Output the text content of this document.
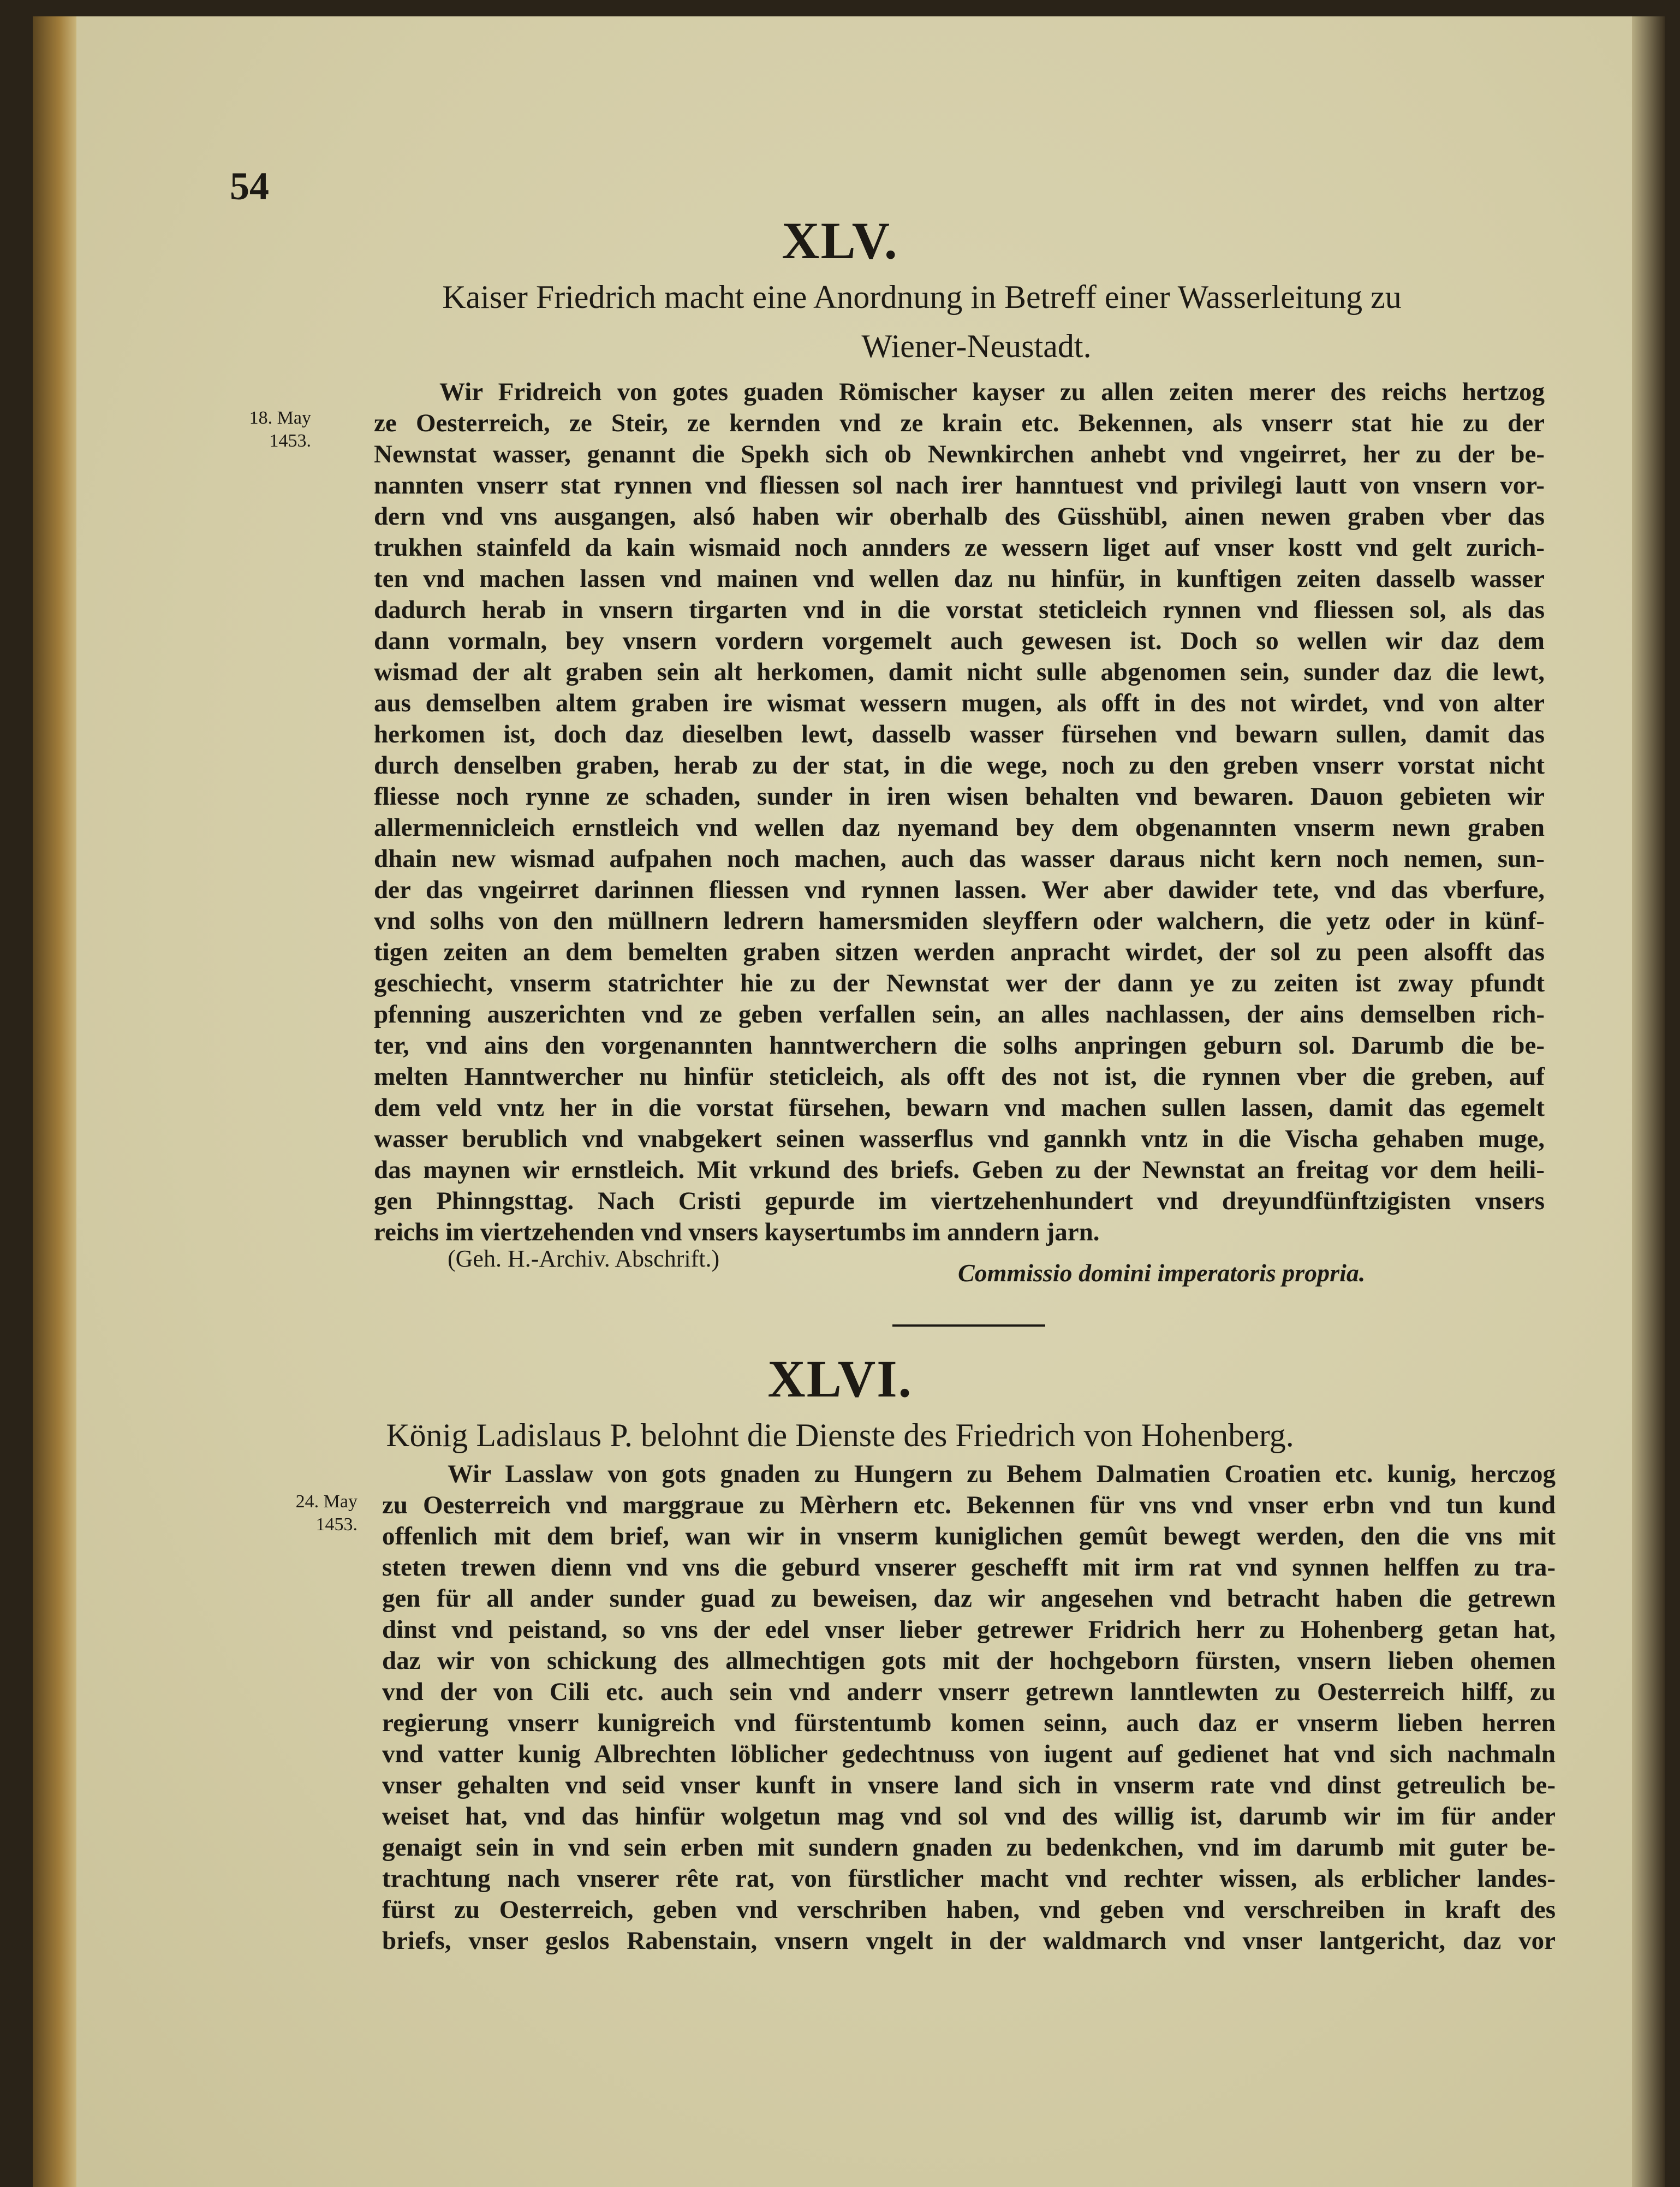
54
XLV.
Kaiser Friedrich macht eine Anordnung in Betreff einer Wasserleitung zu
Wiener-Neustadt.
18. May
1453.
Wir Fridreich von gotes guaden Römischer kayser zu allen zeiten merer des reichs hertzog
ze Oesterreich, ze Steir, ze kernden vnd ze krain etc. Bekennen, als vnserr stat hie zu der
Newnstat wasser, genannt die Spekh sich ob Newnkirchen anhebt vnd vngeirret, her zu der be-
nannten vnserr stat rynnen vnd fliessen sol nach irer hanntuest vnd privilegi lautt von vnsern vor-
dern vnd vns ausgangen, alsó haben wir oberhalb des Güsshübl, ainen newen graben vber das
trukhen stainfeld da kain wismaid noch annders ze wessern liget auf vnser kostt vnd gelt zurich-
ten vnd machen lassen vnd mainen vnd wellen daz nu hinfür, in kunftigen zeiten dasselb wasser
dadurch herab in vnsern tirgarten vnd in die vorstat steticleich rynnen vnd fliessen sol, als das
dann vormaln, bey vnsern vordern vorgemelt auch gewesen ist. Doch so wellen wir daz dem
wismad der alt graben sein alt herkomen, damit nicht sulle abgenomen sein, sunder daz die lewt,
aus demselben altem graben ire wismat wessern mugen, als offt in des not wirdet, vnd von alter
herkomen ist, doch daz dieselben lewt, dasselb wasser fürsehen vnd bewarn sullen, damit das
durch denselben graben, herab zu der stat, in die wege, noch zu den greben vnserr vorstat nicht
fliesse noch rynne ze schaden, sunder in iren wisen behalten vnd bewaren. Dauon gebieten wir
allermennicleich ernstleich vnd wellen daz nyemand bey dem obgenannten vnserm newn graben
dhain new wismad aufpahen noch machen, auch das wasser daraus nicht kern noch nemen, sun-
der das vngeirret darinnen fliessen vnd rynnen lassen. Wer aber dawider tete, vnd das vberfure,
vnd solhs von den müllnern ledrern hamersmiden sleyffern oder walchern, die yetz oder in künf-
tigen zeiten an dem bemelten graben sitzen werden anpracht wirdet, der sol zu peen alsofft das
geschiecht, vnserm statrichter hie zu der Newnstat wer der dann ye zu zeiten ist zway pfundt
pfenning auszerichten vnd ze geben verfallen sein, an alles nachlassen, der ains demselben rich-
ter, vnd ains den vorgenannten hanntwerchern die solhs anpringen geburn sol. Darumb die be-
melten Hanntwercher nu hinfür steticleich, als offt des not ist, die rynnen vber die greben, auf
dem veld vntz her in die vorstat fürsehen, bewarn vnd machen sullen lassen, damit das egemelt
wasser berublich vnd vnabgekert seinen wasserflus vnd gannkh vntz in die Vischa gehaben muge,
das maynen wir ernstleich. Mit vrkund des briefs. Geben zu der Newnstat an freitag vor dem heili-
gen Phinngsttag. Nach Cristi gepurde im viertzehenhundert vnd dreyundfünftzigisten vnsers
reichs im viertzehenden vnd vnsers kaysertumbs im anndern jarn.
(Geh. H.-Archiv. Abschrift.)
Commissio domini imperatoris propria.
XLVI.
König Ladislaus P. belohnt die Dienste des Friedrich von Hohenberg.
24. May
1453.
Wir Lasslaw von gots gnaden zu Hungern zu Behem Dalmatien Croatien etc. kunig, herczog
zu Oesterreich vnd marggraue zu Mèrhern etc. Bekennen für vns vnd vnser erbn vnd tun kund
offenlich mit dem brief, wan wir in vnserm kuniglichen gemût bewegt werden, den die vns mit
steten trewen dienn vnd vns die geburd vnserer geschefft mit irm rat vnd synnen helffen zu tra-
gen für all ander sunder guad zu beweisen, daz wir angesehen vnd betracht haben die getrewn
dinst vnd peistand, so vns der edel vnser lieber getrewer Fridrich herr zu Hohenberg getan hat,
daz wir von schickung des allmechtigen gots mit der hochgeborn fürsten, vnsern lieben ohemen
vnd der von Cili etc. auch sein vnd anderr vnserr getrewn lanntlewten zu Oesterreich hilff, zu
regierung vnserr kunigreich vnd fürstentumb komen seinn, auch daz er vnserm lieben herren
vnd vatter kunig Albrechten löblicher gedechtnuss von iugent auf gedienet hat vnd sich nachmaln
vnser gehalten vnd seid vnser kunft in vnsere land sich in vnserm rate vnd dinst getreulich be-
weiset hat, vnd das hinfür wolgetun mag vnd sol vnd des willig ist, darumb wir im für ander
genaigt sein in vnd sein erben mit sundern gnaden zu bedenkchen, vnd im darumb mit guter be-
trachtung nach vnserer rête rat, von fürstlicher macht vnd rechter wissen, als erblicher landes-
fürst zu Oesterreich, geben vnd verschriben haben, vnd geben vnd verschreiben in kraft des
briefs, vnser geslos Rabenstain, vnsern vngelt in der waldmarch vnd vnser lantgericht, daz vor
